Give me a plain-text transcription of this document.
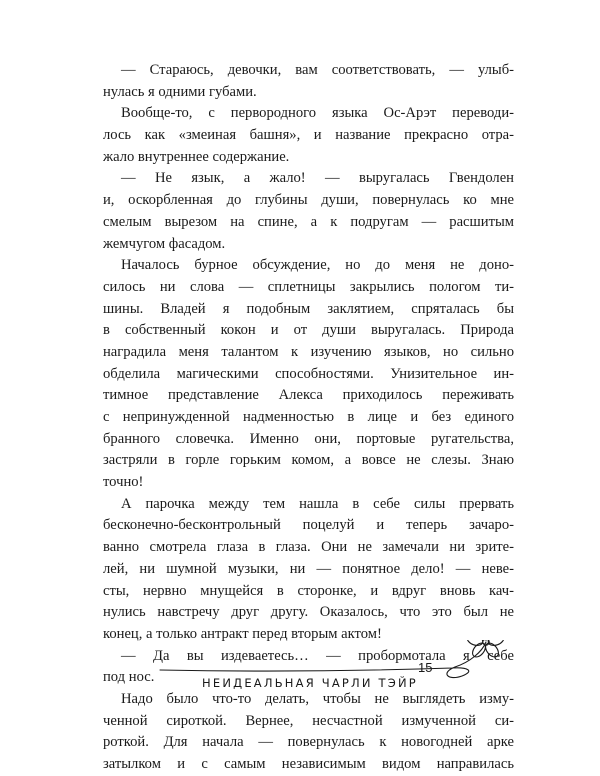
— Стараюсь, девочки, вам соответствовать, — улыб-
нулась я одними губами.
Вообще-то, с первородного языка Ос-Арэт переводи-
лось как «змеиная башня», и название прекрасно отра-
жало внутреннее содержание.
— Не язык, а жало! — выругалась Гвендолен
и, оскорбленная до глубины души, повернулась ко мне
смелым вырезом на спине, а к подругам — расшитым
жемчугом фасадом.
Началось бурное обсуждение, но до меня не доно-
силось ни слова — сплетницы закрылись пологом ти-
шины. Владей я подобным заклятием, спряталась бы
в собственный кокон и от души выругалась. Природа
наградила меня талантом к изучению языков, но сильно
обделила магическими способностями. Унизительное ин-
тимное представление Алекса приходилось переживать
с непринужденной надменностью в лице и без единого
бранного словечка. Именно они, портовые ругательства,
застряли в горле горьким комом, а вовсе не слезы. Знаю
точно!
А парочка между тем нашла в себе силы прервать
бесконечно-бесконтрольный поцелуй и теперь зачаро-
ванно смотрела глаза в глаза. Они не замечали ни зрите-
лей, ни шумной музыки, ни — понятное дело! — неве-
сты, нервно мнущейся в сторонке, и вдруг вновь кач-
нулись навстречу друг другу. Оказалось, что это был не
конец, а только антракт перед вторым актом!
— Да вы издеваетесь… — пробормотала я себе
под нос.
Надо было что-то делать, чтобы не выглядеть изму-
ченной сироткой. Вернее, несчастной измученной си-
роткой. Для начала — повернулась к новогодней арке
затылком и с самым независимым видом направилась
15
НЕИДЕАЛЬНАЯ ЧАРЛИ ТЭЙР
